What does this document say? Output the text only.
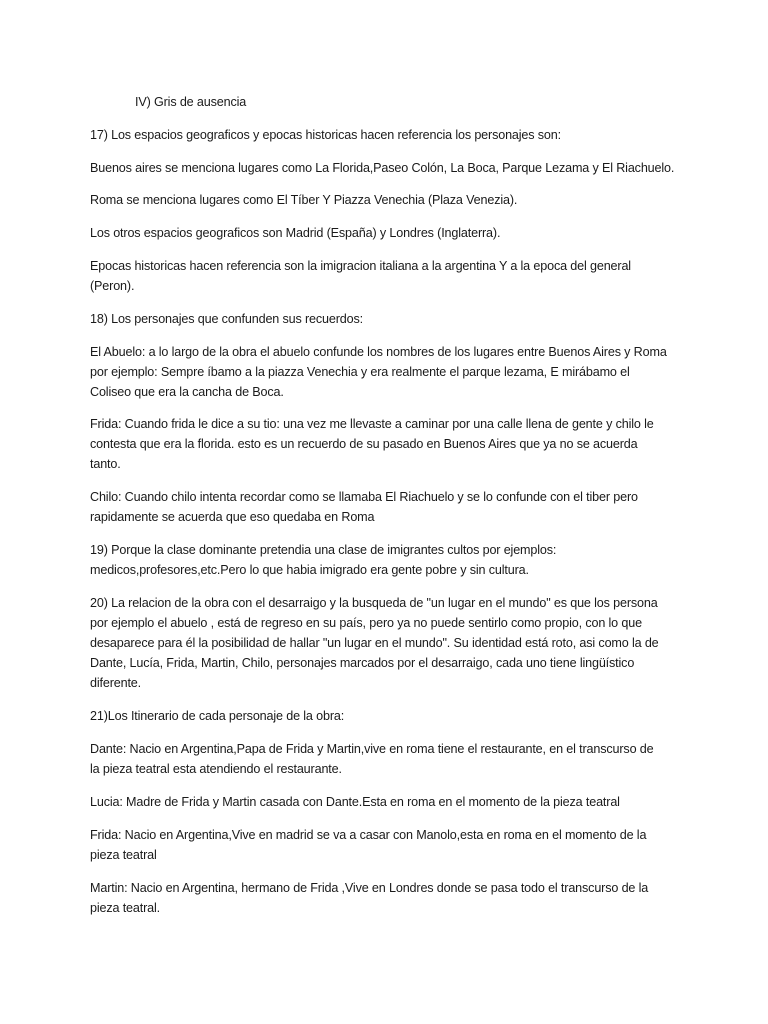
IV) Gris de ausencia
17) Los espacios geograficos y epocas historicas hacen referencia los personajes son:
Buenos aires se menciona lugares como La Florida,Paseo Colón, La Boca, Parque Lezama y El Riachuelo.
Roma se menciona lugares como El Tíber Y Piazza Venechia (Plaza Venezia).
Los otros espacios geograficos son Madrid (España) y Londres (Inglaterra).
Epocas historicas hacen referencia son la imigracion italiana a la argentina Y a la epoca del general
(Peron).
18) Los personajes que confunden sus recuerdos:
El Abuelo: a lo largo de la obra el abuelo confunde los nombres de los lugares entre Buenos Aires y Roma
por ejemplo: Sempre íbamo a la piazza Venechia y era realmente el parque lezama, E mirábamo el
Coliseo que era la cancha de Boca.
Frida: Cuando frida le dice a su tio: una vez me llevaste a caminar por una calle llena de gente y chilo le
contesta que era la florida. esto es un recuerdo de su pasado en Buenos Aires que ya no se acuerda
tanto.
Chilo: Cuando chilo intenta recordar como se llamaba El Riachuelo y se lo confunde con el tiber pero
rapidamente se acuerda que eso quedaba en Roma
19) Porque la clase dominante pretendia una clase de imigrantes cultos por ejemplos:
medicos,profesores,etc.Pero lo que habia imigrado era gente pobre y sin cultura.
20) La relacion de la obra con el desarraigo y la busqueda de "un lugar en el mundo" es que los persona
por ejemplo el abuelo , está de regreso en su país, pero ya no puede sentirlo como propio, con lo que
desaparece para él la posibilidad de hallar "un lugar en el mundo". Su identidad está roto, asi como la de
Dante, Lucía, Frida, Martin, Chilo, personajes marcados por el desarraigo, cada uno tiene lingüístico
diferente.
21)Los Itinerario de cada personaje de la obra:
Dante: Nacio en Argentina,Papa de Frida y Martin,vive en roma tiene el restaurante, en el transcurso de
la pieza teatral esta atendiendo el restaurante.
Lucia: Madre de Frida y Martin casada con Dante.Esta en roma en el momento de la pieza teatral
Frida: Nacio en Argentina,Vive en madrid se va a casar con Manolo,esta en roma en el momento de la
pieza teatral
Martin: Nacio en Argentina, hermano de Frida ,Vive en Londres donde se pasa todo el transcurso de la
pieza teatral.
